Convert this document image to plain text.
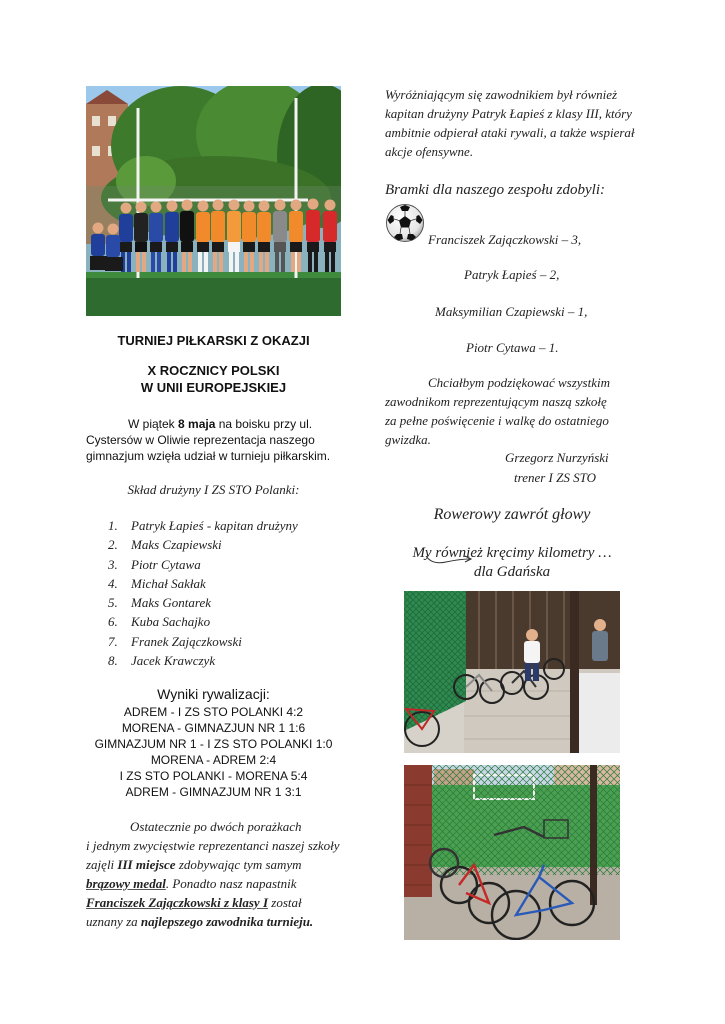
TURNIEJ PIŁKARSKI Z OKAZJI
X ROCZNICY POLSKI
W UNII EUROPEJSKIEJ
W piątek 8 maja na boisku przy ul.
Cystersów w Oliwie reprezentacja naszego
gimnazjum wzięła udział w turnieju piłkarskim.
Skład drużyny I ZS STO Polanki:
1. Patryk Łapieś - kapitan drużyny
2. Maks Czapiewski
3. Piotr Cytawa
4. Michał Sakłak
5. Maks Gontarek
6. Kuba Sachajko
7. Franek Zajączkowski
8. Jacek Krawczyk
Wyniki rywalizacji:
ADREM - I ZS STO POLANKI 4:2
MORENA - GIMNAZJUN NR 1 1:6
GIMNAZJUM NR 1 - I ZS STO POLANKI 1:0
MORENA - ADREM 2:4
I ZS STO POLANKI - MORENA 5:4
ADREM - GIMNAZJUM NR 1 3:1
Ostatecznie po dwóch porażkach
i jednym zwycięstwie reprezentanci naszej szkoły
zajęli III miejsce zdobywając tym samym
brązowy medal. Ponadto nasz napastnik
Franciszek Zajączkowski z klasy I został
uznany za najlepszego zawodnika turnieju.
Wyróżniającym się zawodnikiem był również
kapitan drużyny Patryk Łapieś z klasy III, który
ambitnie odpierał ataki rywali, a także wspierał
akcje ofensywne.
Bramki dla naszego zespołu zdobyli:
Franciszek Zajączkowski – 3,
Patryk Łapieś – 2,
Maksymilian Czapiewski – 1,
Piotr Cytawa – 1.
Chciałbym podziękować wszystkim
zawodnikom reprezentującym naszą szkołę
za pełne poświęcenie i walkę do ostatniego
gwizdka.
Grzegorz Nurzyński
trener I ZS STO
Rowerowy zawrót głowy
My również kręcimy kilometry …
dla Gdańska
